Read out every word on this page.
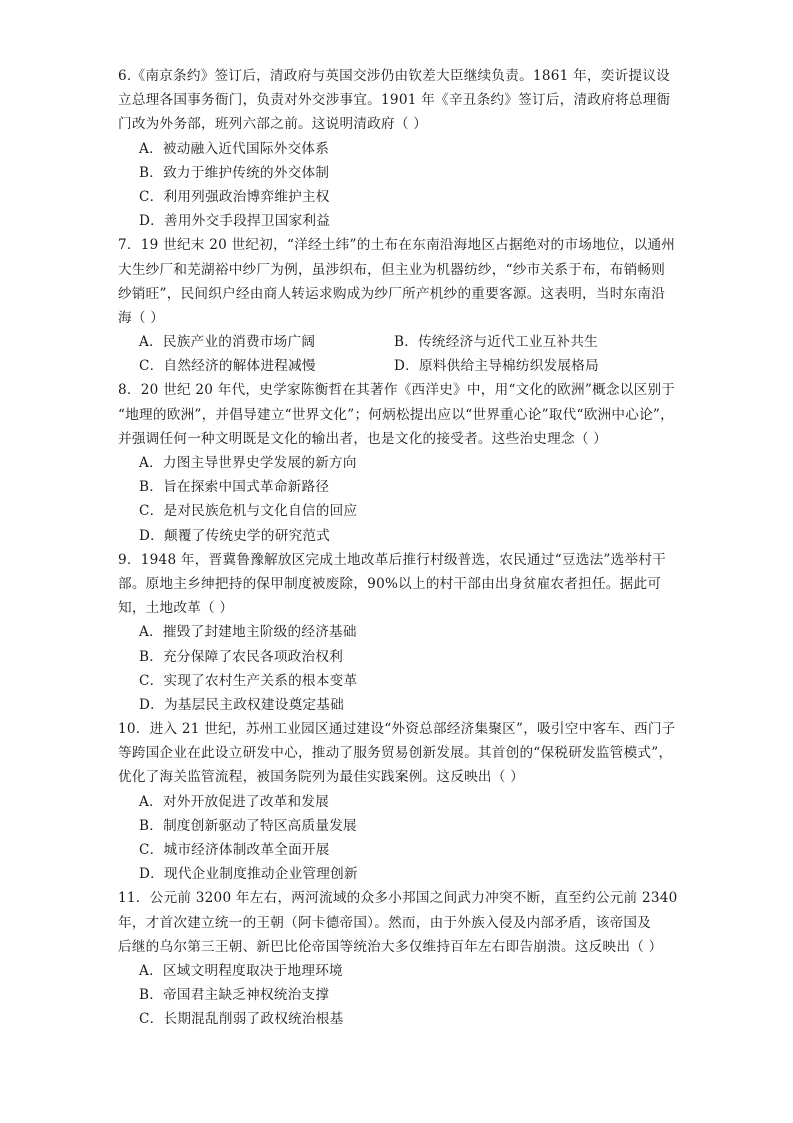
6.《南京条约》签订后，清政府与英国交涉仍由钦差大臣继续负责。1861 年，奕䜣提议设
立总理各国事务衙门，负责对外交涉事宜。1901 年《辛丑条约》签订后，清政府将总理衙
门改为外务部，班列六部之前。这说明清政府（ ）
A．被动融入近代国际外交体系
B．致力于维护传统的外交体制
C．利用列强政治博弈维护主权
D．善用外交手段捍卫国家利益
7．19 世纪末 20 世纪初，“洋经土纬”的土布在东南沿海地区占据绝对的市场地位，以通州
大生纱厂和芜湖裕中纱厂为例，虽涉织布，但主业为机器纺纱，“纱市关系于布，布销畅则
纱销旺”，民间织户经由商人转运求购成为纱厂所产机纱的重要客源。这表明，当时东南沿
海（ ）
A．民族产业的消费市场广阔	B．传统经济与近代工业互补共生
C．自然经济的解体进程减慢	D．原料供给主导棉纺织发展格局
8．20 世纪 20 年代，史学家陈衡哲在其著作《西洋史》中，用“文化的欧洲”概念以区别于
“地理的欧洲”，并倡导建立“世界文化”；何炳松提出应以“世界重心论”取代“欧洲中心论”，
并强调任何一种文明既是文化的输出者，也是文化的接受者。这些治史理念（ ）
A．力图主导世界史学发展的新方向
B．旨在探索中国式革命新路径
C．是对民族危机与文化自信的回应
D．颠覆了传统史学的研究范式
9．1948 年，晋冀鲁豫解放区完成土地改革后推行村级普选，农民通过“豆选法”选举村干
部。原地主乡绅把持的保甲制度被废除，90%以上的村干部由出身贫雇农者担任。据此可
知，土地改革（ ）
A．摧毁了封建地主阶级的经济基础
B．充分保障了农民各项政治权利
C．实现了农村生产关系的根本变革
D．为基层民主政权建设奠定基础
10．进入 21 世纪，苏州工业园区通过建设“外资总部经济集聚区”，吸引空中客车、西门子
等跨国企业在此设立研发中心，推动了服务贸易创新发展。其首创的“保税研发监管模式”，
优化了海关监管流程，被国务院列为最佳实践案例。这反映出（ ）
A．对外开放促进了改革和发展
B．制度创新驱动了特区高质量发展
C．城市经济体制改革全面开展
D．现代企业制度推动企业管理创新
11．公元前 3200 年左右，两河流域的众多小邦国之间武力冲突不断，直至约公元前 2340
年，才首次建立统一的王朝（阿卡德帝国）。然而，由于外族入侵及内部矛盾，该帝国及
后继的乌尔第三王朝、新巴比伦帝国等统治大多仅维持百年左右即告崩溃。这反映出（ ）
A．区域文明程度取决于地理环境
B．帝国君主缺乏神权统治支撑
C．长期混乱削弱了政权统治根基
